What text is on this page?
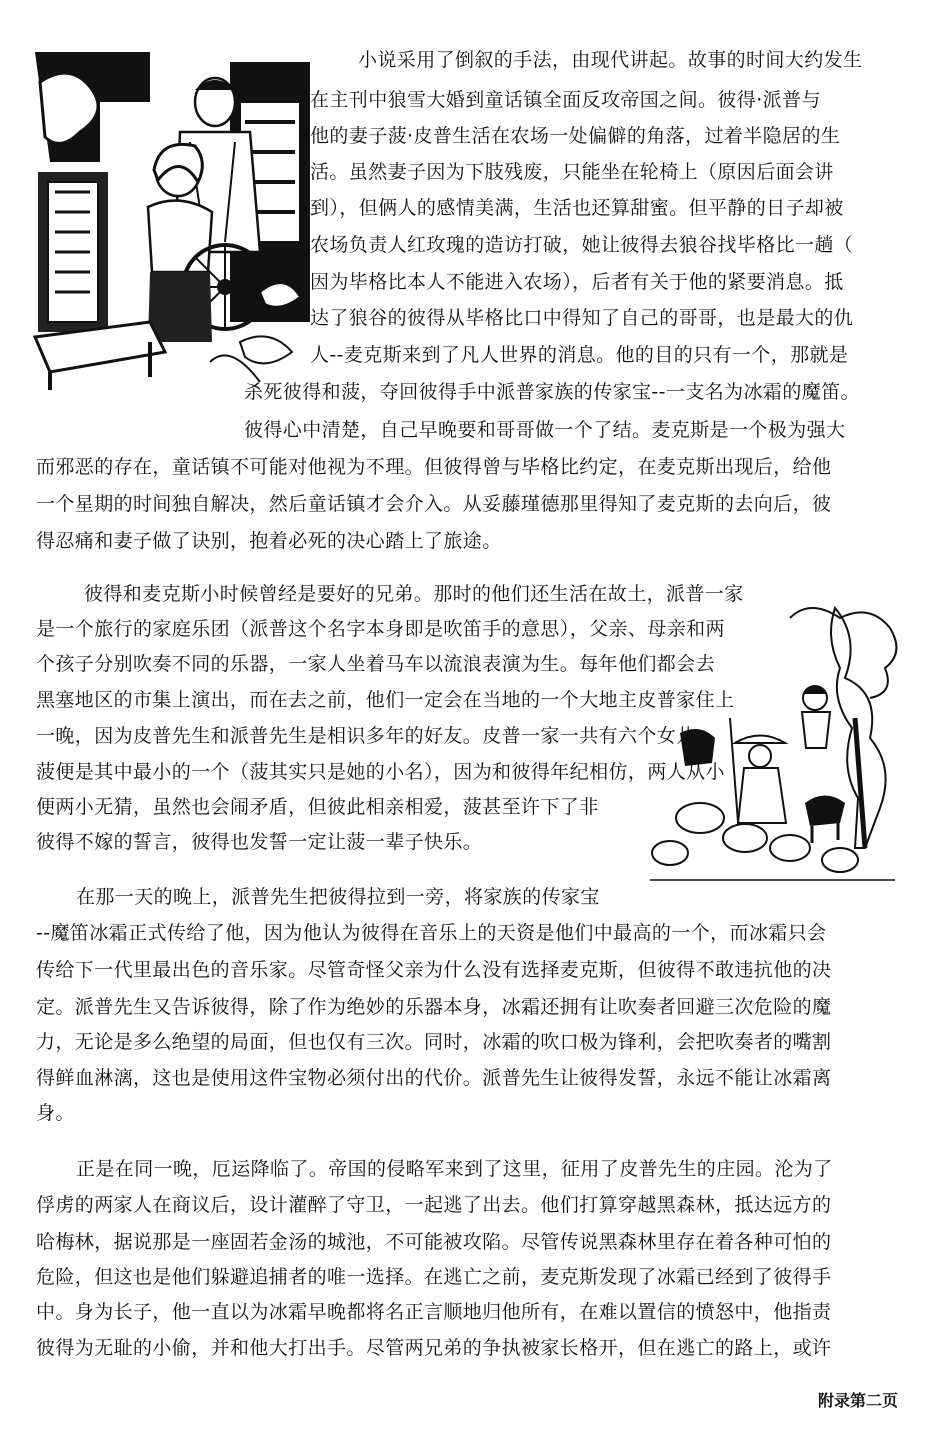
小说采用了倒叙的手法，由现代讲起。故事的时间大约发生
在主刊中狼雪大婚到童话镇全面反攻帝国之间。彼得·派普与
他的妻子菠·皮普生活在农场一处偏僻的角落，过着半隐居的生
活。虽然妻子因为下肢残废，只能坐在轮椅上（原因后面会讲
到），但俩人的感情美满，生活也还算甜蜜。但平静的日子却被
农场负责人红玫瑰的造访打破，她让彼得去狼谷找毕格比一趟（
因为毕格比本人不能进入农场），后者有关于他的紧要消息。抵
达了狼谷的彼得从毕格比口中得知了自己的哥哥，也是最大的仇
人--麦克斯来到了凡人世界的消息。他的目的只有一个，那就是
杀死彼得和菠，夺回彼得手中派普家族的传家宝--一支名为冰霜的魔笛。
彼得心中清楚，自己早晚要和哥哥做一个了结。麦克斯是一个极为强大
而邪恶的存在，童话镇不可能对他视为不理。但彼得曾与毕格比约定，在麦克斯出现后，给他
一个星期的时间独自解决，然后童话镇才会介入。从妥藤瑾德那里得知了麦克斯的去向后，彼
得忍痛和妻子做了诀别，抱着必死的决心踏上了旅途。
彼得和麦克斯小时候曾经是要好的兄弟。那时的他们还生活在故土，派普一家
是一个旅行的家庭乐团（派普这个名字本身即是吹笛手的意思），父亲、母亲和两
个孩子分别吹奏不同的乐器，一家人坐着马车以流浪表演为生。每年他们都会去
黑塞地区的市集上演出，而在去之前，他们一定会在当地的一个大地主皮普家住上
一晚，因为皮普先生和派普先生是相识多年的好友。皮普一家一共有六个女儿，
菠便是其中最小的一个（菠其实只是她的小名），因为和彼得年纪相仿，两人从小
便两小无猜，虽然也会闹矛盾，但彼此相亲相爱，菠甚至许下了非
彼得不嫁的誓言，彼得也发誓一定让菠一辈子快乐。
在那一天的晚上，派普先生把彼得拉到一旁，将家族的传家宝
--魔笛冰霜正式传给了他，因为他认为彼得在音乐上的天资是他们中最高的一个，而冰霜只会
传给下一代里最出色的音乐家。尽管奇怪父亲为什么没有选择麦克斯，但彼得不敢违抗他的决
定。派普先生又告诉彼得，除了作为绝妙的乐器本身，冰霜还拥有让吹奏者回避三次危险的魔
力，无论是多么绝望的局面，但也仅有三次。同时，冰霜的吹口极为锋利，会把吹奏者的嘴割
得鲜血淋漓，这也是使用这件宝物必须付出的代价。派普先生让彼得发誓，永远不能让冰霜离
身。
正是在同一晚，厄运降临了。帝国的侵略军来到了这里，征用了皮普先生的庄园。沦为了
俘虏的两家人在商议后，设计灌醉了守卫，一起逃了出去。他们打算穿越黑森林，抵达远方的
哈梅林，据说那是一座固若金汤的城池，不可能被攻陷。尽管传说黑森林里存在着各种可怕的
危险，但这也是他们躲避追捕者的唯一选择。在逃亡之前，麦克斯发现了冰霜已经到了彼得手
中。身为长子，他一直以为冰霜早晚都将名正言顺地归他所有，在难以置信的愤怒中，他指责
彼得为无耻的小偷，并和他大打出手。尽管两兄弟的争执被家长格开，但在逃亡的路上，或许
附录第二页
